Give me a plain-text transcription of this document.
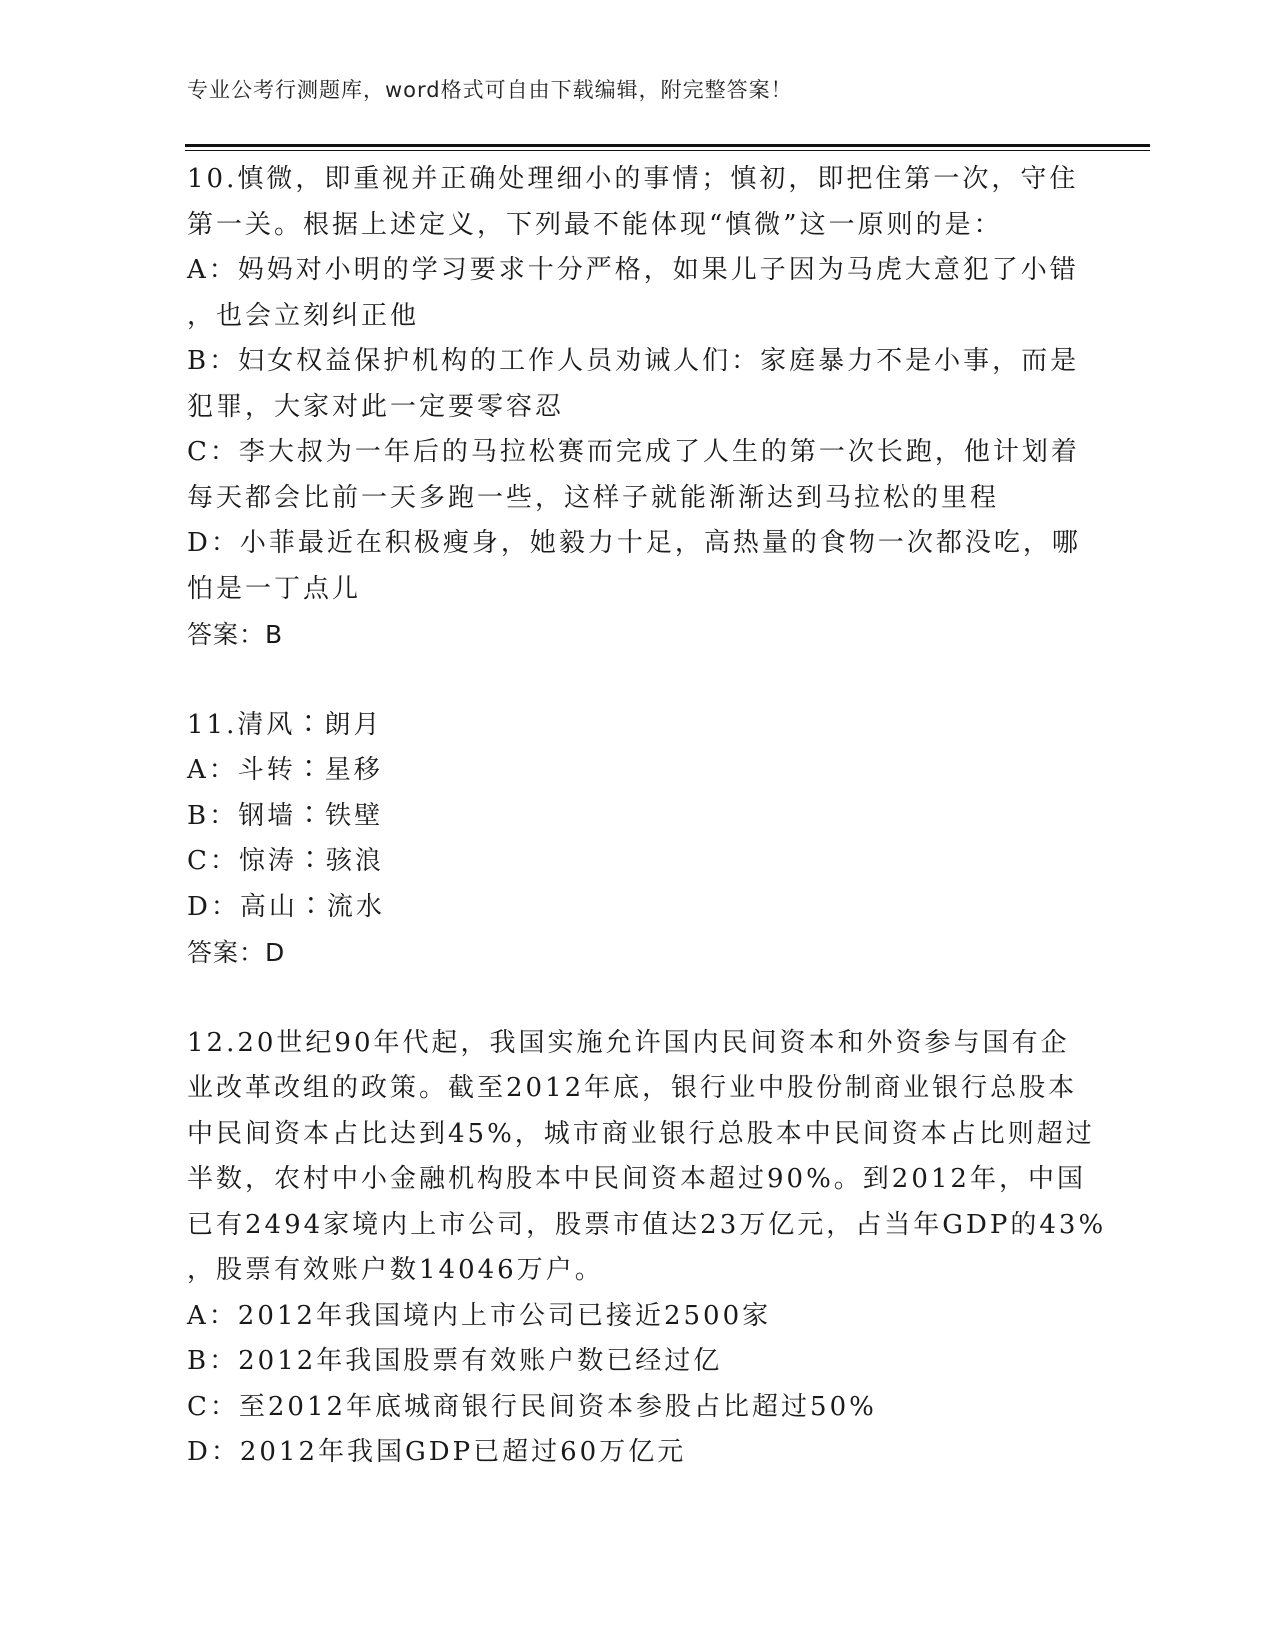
专业公考行测题库，word格式可自由下载编辑，附完整答案！
10.慎微，即重视并正确处理细小的事情；慎初，即把住第一次，守住
第一关。根据上述定义，下列最不能体现“慎微”这一原则的是：
A：妈妈对小明的学习要求十分严格，如果儿子因为马虎大意犯了小错
，也会立刻纠正他
B：妇女权益保护机构的工作人员劝诫人们：家庭暴力不是小事，而是
犯罪，大家对此一定要零容忍
C：李大叔为一年后的马拉松赛而完成了人生的第一次长跑，他计划着
每天都会比前一天多跑一些，这样子就能渐渐达到马拉松的里程
D：小菲最近在积极瘦身，她毅力十足，高热量的食物一次都没吃，哪
怕是一丁点儿
答案：B
11.清风∶朗月
A：斗转∶星移
B：钢墙∶铁壁
C：惊涛∶骇浪
D：高山∶流水
答案：D
12.20世纪90年代起，我国实施允许国内民间资本和外资参与国有企
业改革改组的政策。截至2012年底，银行业中股份制商业银行总股本
中民间资本占比达到45%，城市商业银行总股本中民间资本占比则超过
半数，农村中小金融机构股本中民间资本超过90%。到2012年，中国
已有2494家境内上市公司，股票市值达23万亿元，占当年GDP的43%
，股票有效账户数14046万户。
A：2012年我国境内上市公司已接近2500家
B：2012年我国股票有效账户数已经过亿
C：至2012年底城商银行民间资本参股占比超过50%
D：2012年我国GDP已超过60万亿元
